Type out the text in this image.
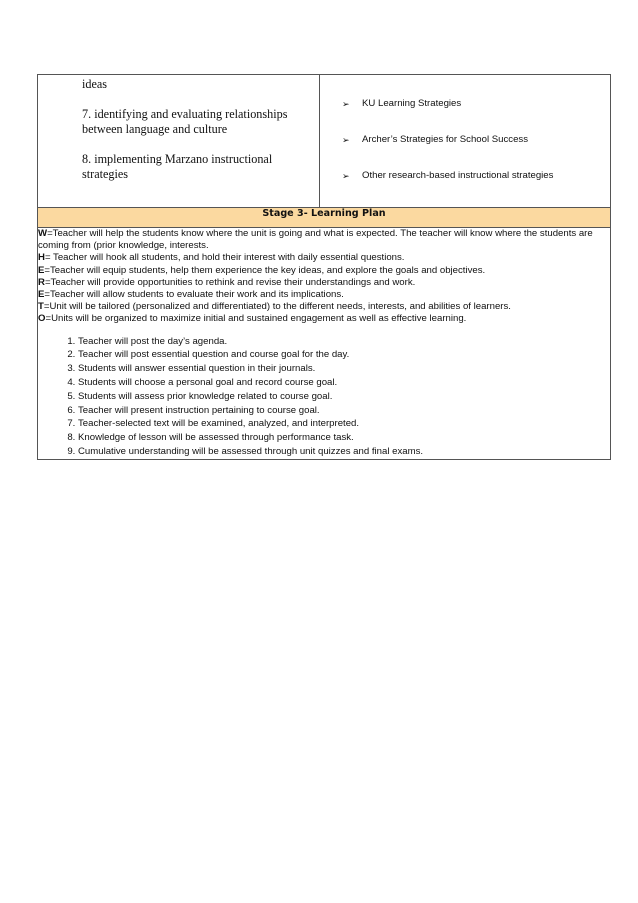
ideas

7. identifying and evaluating relationships between language and culture

8. implementing Marzano instructional strategies

➢ KU Learning Strategies
➢ Archer’s Strategies for School Success
➢ Other research-based instructional strategies

Stage 3- Learning Plan

W=Teacher will help the students know where the unit is going and what is expected. The teacher will know where the students are coming from (prior knowledge, interests.

H= Teacher will hook all students, and hold their interest with daily essential questions.

E=Teacher will equip students, help them experience the key ideas, and explore the goals and objectives.

R=Teacher will provide opportunities to rethink and revise their understandings and work.

E=Teacher will allow students to evaluate their work and its implications.

T=Unit will be tailored (personalized and differentiated) to the different needs, interests, and abilities of learners.

O=Units will be organized to maximize initial and sustained engagement as well as effective learning.

1. Teacher will post the day’s agenda.
2. Teacher will post essential question and course goal for the day.
3. Students will answer essential question in their journals.
4. Students will choose a personal goal and record course goal.
5. Students will assess prior knowledge related to course goal.
6. Teacher will present instruction pertaining to course goal.
7. Teacher-selected text will be examined, analyzed, and interpreted.
8. Knowledge of lesson will be assessed through performance task.
9. Cumulative understanding will be assessed through unit quizzes and final exams.
